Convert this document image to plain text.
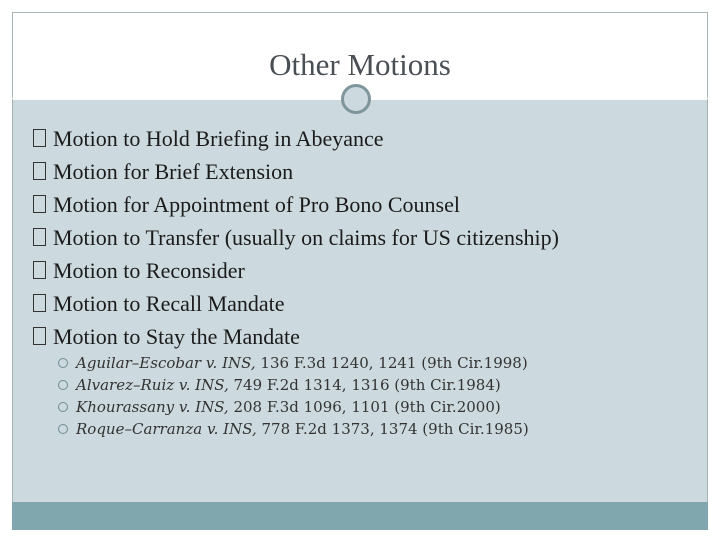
Other Motions
Motion to Hold Briefing in Abeyance
Motion for Brief Extension
Motion for Appointment of Pro Bono Counsel
Motion to Transfer (usually on claims for US citizenship)
Motion to Reconsider
Motion to Recall Mandate
Motion to Stay the Mandate
Aguilar–Escobar v. INS, 136 F.3d 1240, 1241 (9th Cir.1998)
Alvarez–Ruiz v. INS, 749 F.2d 1314, 1316 (9th Cir.1984)
Khourassany v. INS, 208 F.3d 1096, 1101 (9th Cir.2000)
Roque–Carranza v. INS, 778 F.2d 1373, 1374 (9th Cir.1985)
